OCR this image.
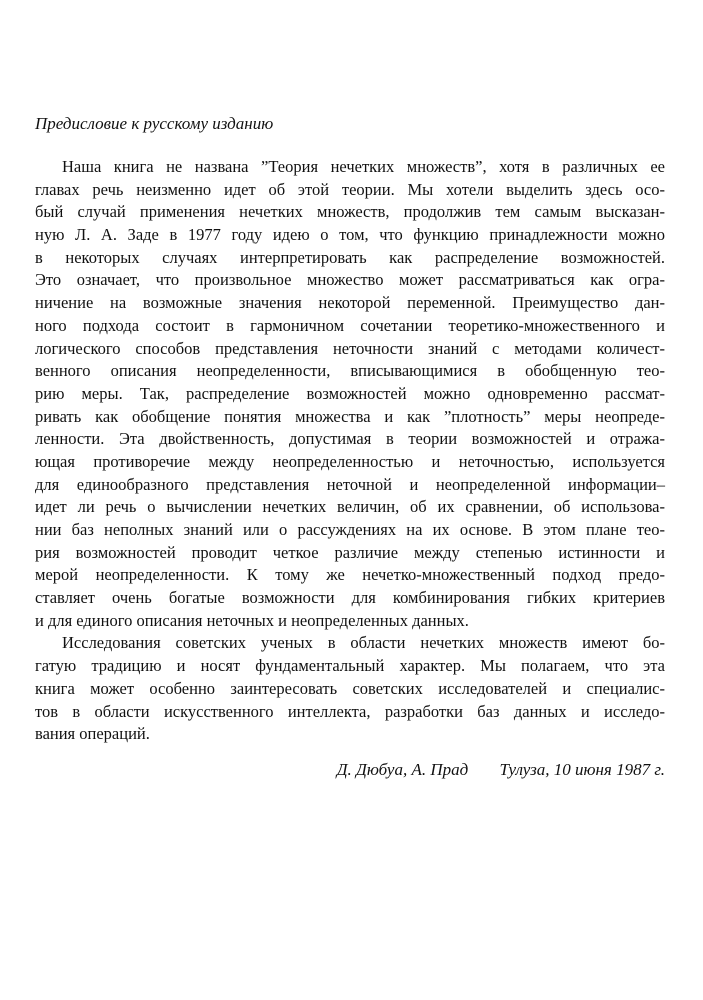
Предисловие к русскому изданию
Наша книга не названа ”Теория нечетких множеств”, хотя в различных ее
главах речь неизменно идет об этой теории. Мы хотели выделить здесь осо-
бый случай применения нечетких множеств, продолжив тем самым высказан-
ную Л. А. Заде в 1977 году идею о том, что функцию принадлежности можно
в некоторых случаях интерпретировать как распределение возможностей.
Это означает, что произвольное множество может рассматриваться как огра-
ничение на возможные значения некоторой переменной. Преимущество дан-
ного подхода состоит в гармоничном сочетании теоретико-множественного и
логического способов представления неточности знаний с методами количест-
венного описания неопределенности, вписывающимися в обобщенную тео-
рию меры. Так, распределение возможностей можно одновременно рассмат-
ривать как обобщение понятия множества и как ”плотность” меры неопреде-
ленности. Эта двойственность, допустимая в теории возможностей и отража-
ющая противоречие между неопределенностью и неточностью, используется
для единообразного представления неточной и неопределенной информации–
идет ли речь о вычислении нечетких величин, об их сравнении, об использова-
нии баз неполных знаний или о рассуждениях на их основе. В этом плане тео-
рия возможностей проводит четкое различие между степенью истинности и
мерой неопределенности. К тому же нечетко-множественный подход предо-
ставляет очень богатые возможности для комбинирования гибких критериев
и для единого описания неточных и неопределенных данных.
Исследования советских ученых в области нечетких множеств имеют бо-
гатую традицию и носят фундаментальный характер. Мы полагаем, что эта
книга может особенно заинтересовать советских исследователей и специалис-
тов в области искусственного интеллекта, разработки баз данных и исследо-
вания операций.
Д. Дюбуа, А. Прад Тулуза, 10 июня 1987 г.
